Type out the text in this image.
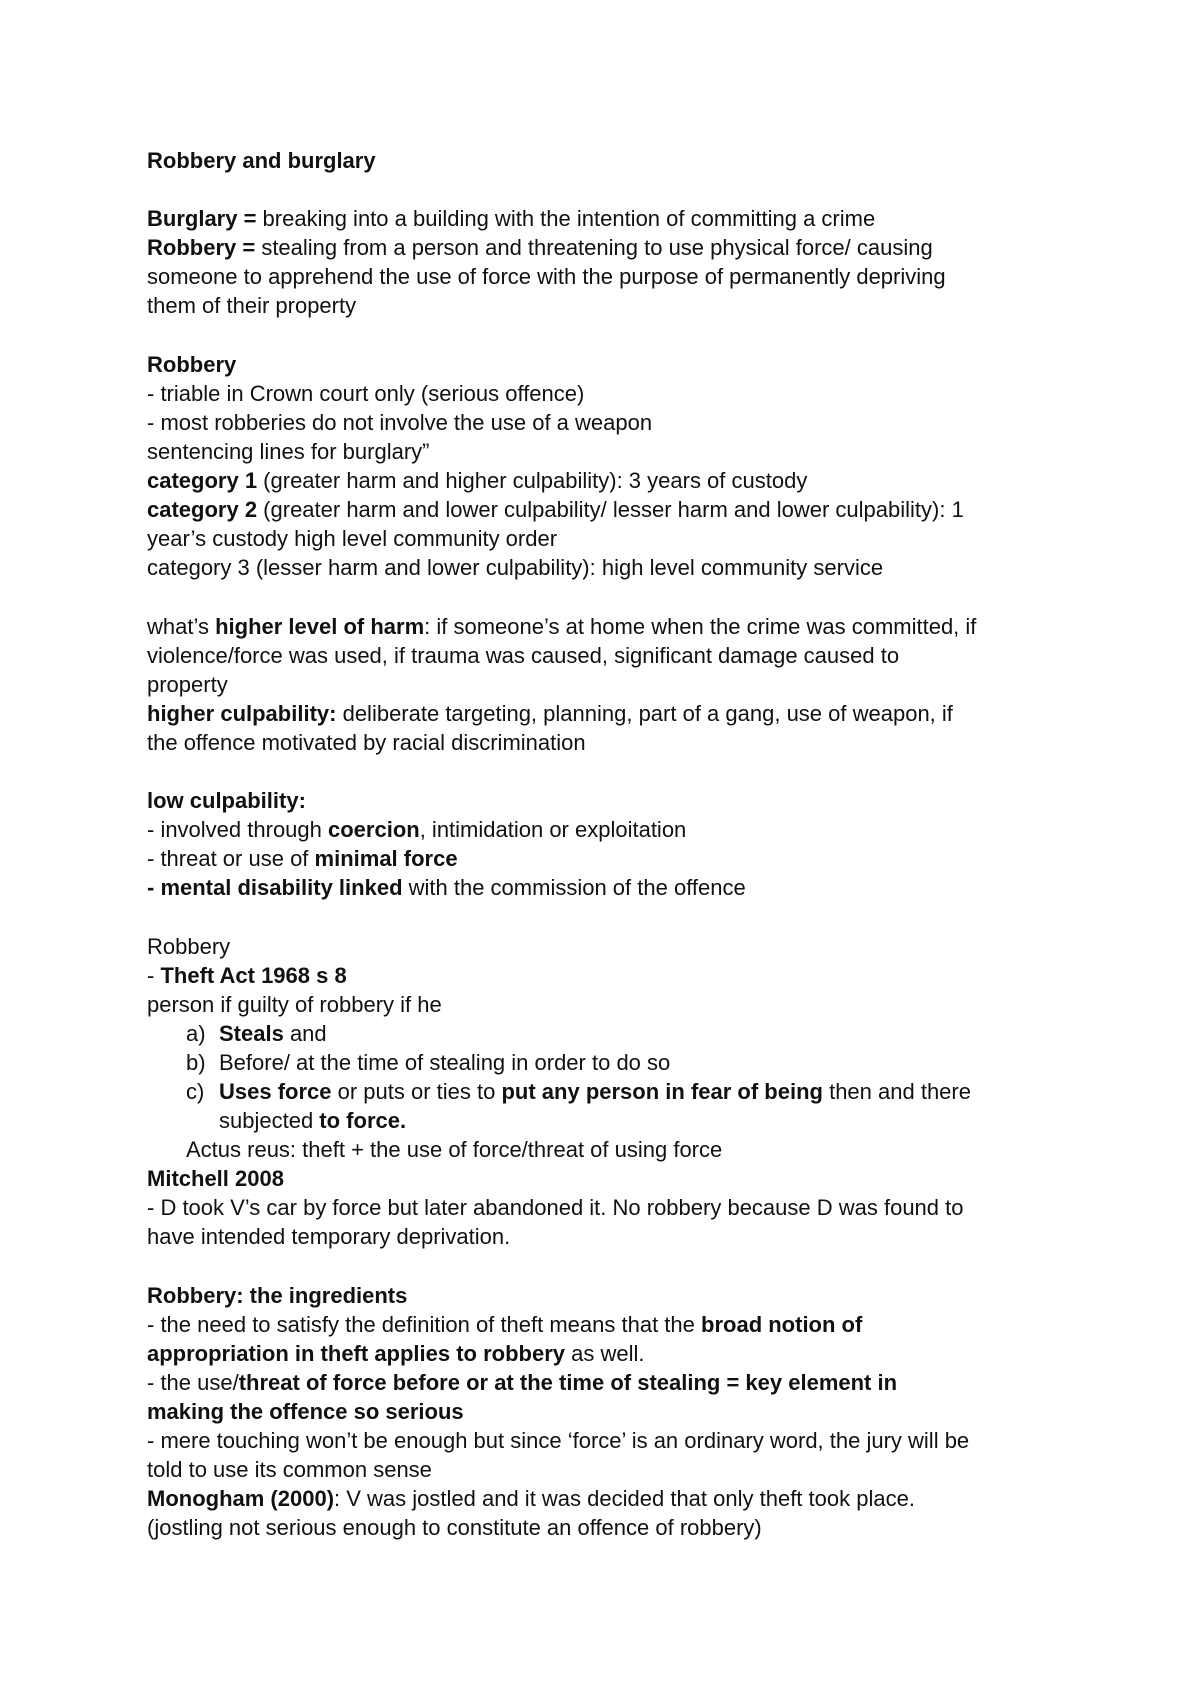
Robbery and burglary

Burglary = breaking into a building with the intention of committing a crime

Robbery = stealing from a person and threatening to use physical force/ causing

someone to apprehend the use of force with the purpose of permanently depriving

them of their property

Robbery

- triable in Crown court only (serious offence)

- most robberies do not involve the use of a weapon

sentencing lines for burglary”

category 1 (greater harm and higher culpability): 3 years of custody

category 2 (greater harm and lower culpability/ lesser harm and lower culpability): 1

year’s custody high level community order

category 3 (lesser harm and lower culpability): high level community service

what’s higher level of harm: if someone’s at home when the crime was committed, if

violence/force was used, if trauma was caused, significant damage caused to

property

higher culpability: deliberate targeting, planning, part of a gang, use of weapon, if

the offence motivated by racial discrimination

low culpability:

- involved through coercion, intimidation or exploitation

- threat or use of minimal force

- mental disability linked with the commission of the offence

Robbery

- Theft Act 1968 s 8

person if guilty of robbery if he

a) Steals and
b) Before/ at the time of stealing in order to do so
c) Uses force or puts or ties to put any person in fear of being then and there
subjected to force.

Actus reus: theft + the use of force/threat of using force

Mitchell 2008

- D took V’s car by force but later abandoned it. No robbery because D was found to

have intended temporary deprivation.

Robbery: the ingredients

- the need to satisfy the definition of theft means that the broad notion of

appropriation in theft applies to robbery as well.

- the use/threat of force before or at the time of stealing = key element in

making the offence so serious

- mere touching won’t be enough but since ‘force’ is an ordinary word, the jury will be

told to use its common sense

Monogham (2000): V was jostled and it was decided that only theft took place.

(jostling not serious enough to constitute an offence of robbery)
